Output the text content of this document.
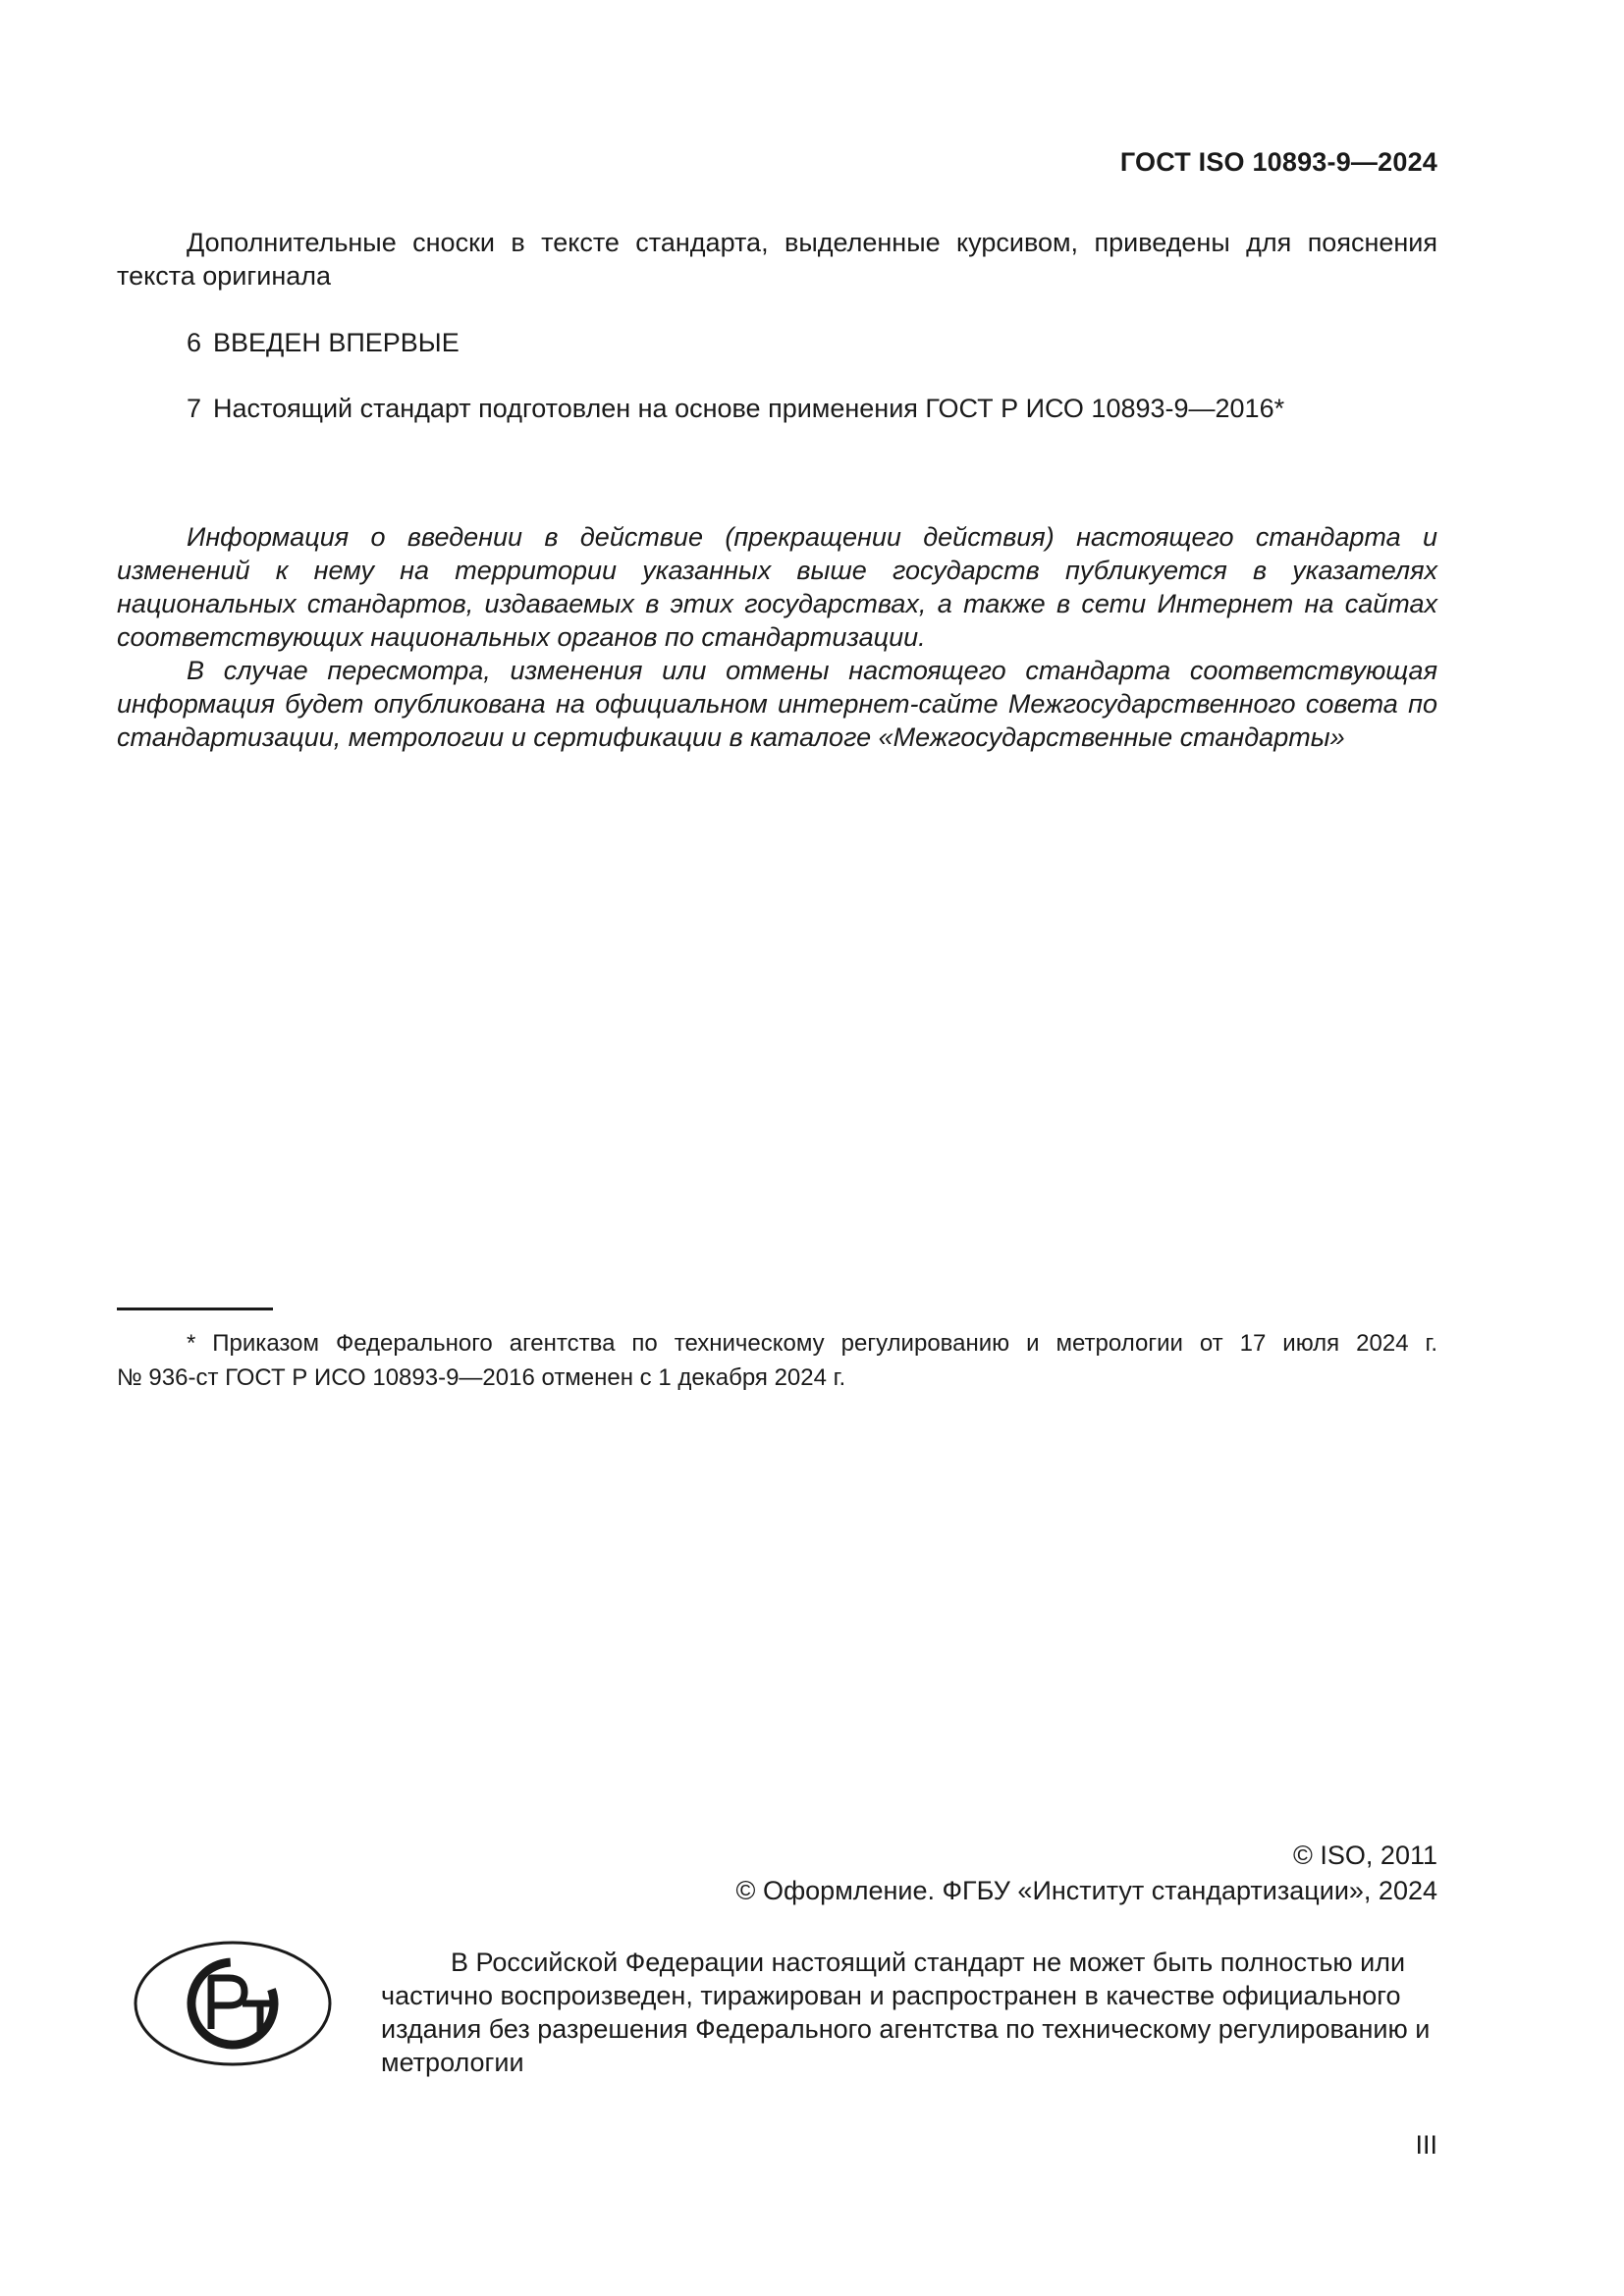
ГОСТ ISO 10893-9—2024

Дополнительные сноски в тексте стандарта, выделенные курсивом, приведены для пояснения текста оригинала

6 ВВЕДЕН ВПЕРВЫЕ
7 Настоящий стандарт подготовлен на основе применения ГОСТ Р ИСО 10893-9—2016*

Информация о введении в действие (прекращении действия) настоящего стандарта и изменений к нему на территории указанных выше государств публикуется в указателях национальных стандартов, издаваемых в этих государствах, а также в сети Интернет на сайтах соответствующих национальных органов по стандартизации.

В случае пересмотра, изменения или отмены настоящего стандарта соответствующая информация будет опубликована на официальном интернет-сайте Межгосударственного совета по стандартизации, метрологии и сертификации в каталоге «Межгосударственные стандарты»

* Приказом Федерального агентства по техническому регулированию и метрологии от 17 июля 2024 г.
№ 936-ст ГОСТ Р ИСО 10893-9—2016 отменен с 1 декабря 2024 г.
© ISO, 2011
© Оформление. ФГБУ «Институт стандартизации», 2024

В Российской Федерации настоящий стандарт не может быть полностью или частично воспроизведен, тиражирован и распространен в качестве официального издания без разрешения Федерального агентства по техническому регулированию и метрологии

III
